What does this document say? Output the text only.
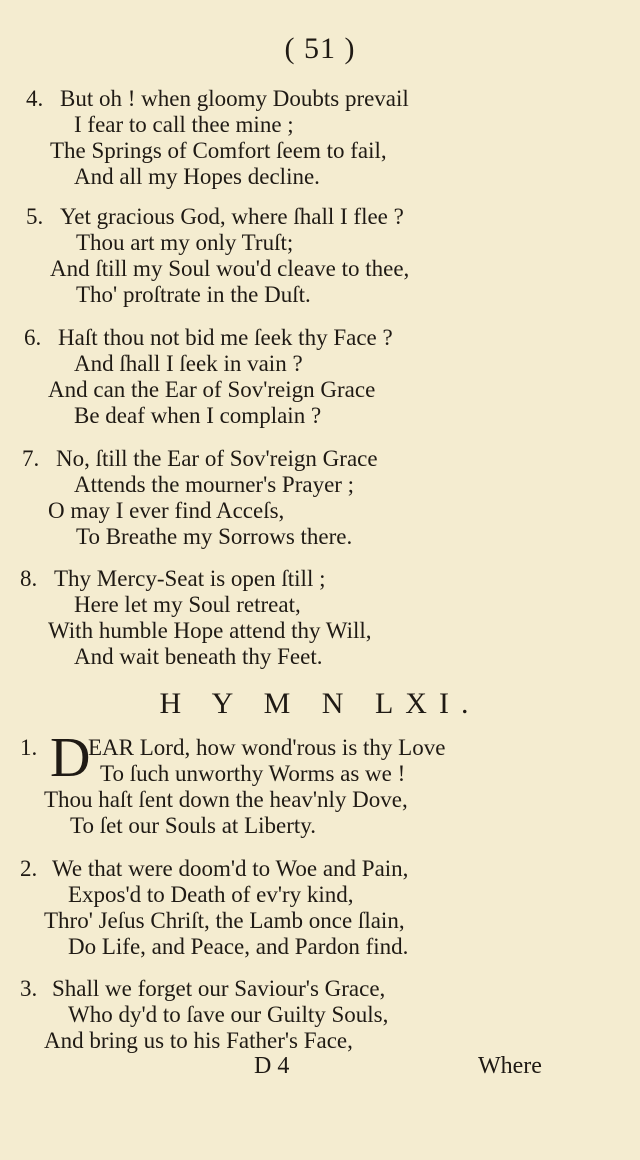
( 51 )
4. But oh ! when gloomy Doubts prevail
I fear to call thee mine ;
The Springs of Comfort ſeem to fail,
And all my Hopes decline.
5. Yet gracious God, where ſhall I flee ?
Thou art my only Truſt;
And ſtill my Soul wou'd cleave to thee,
Tho' proſtrate in the Duſt.
6. Haſt thou not bid me ſeek thy Face ?
And ſhall I ſeek in vain ?
And can the Ear of Sov'reign Grace
Be deaf when I complain ?
7. No, ſtill the Ear of Sov'reign Grace
Attends the mourner's Prayer ;
O may I ever find Acceſs,
To Breathe my Sorrows there.
8. Thy Mercy-Seat is open ſtill ;
Here let my Soul retreat,
With humble Hope attend thy Will,
And wait beneath thy Feet.
H Y M N LXI.
1. D
EAR Lord, how wond'rous is thy Love
To ſuch unworthy Worms as we !
Thou haſt ſent down the heav'nly Dove,
To ſet our Souls at Liberty.
2. We that were doom'd to Woe and Pain,
Expos'd to Death of ev'ry kind,
Thro' Jeſus Chriſt, the Lamb once ſlain,
Do Life, and Peace, and Pardon find.
3. Shall we forget our Saviour's Grace,
Who dy'd to ſave our Guilty Souls,
And bring us to his Father's Face,
D 4	Where
